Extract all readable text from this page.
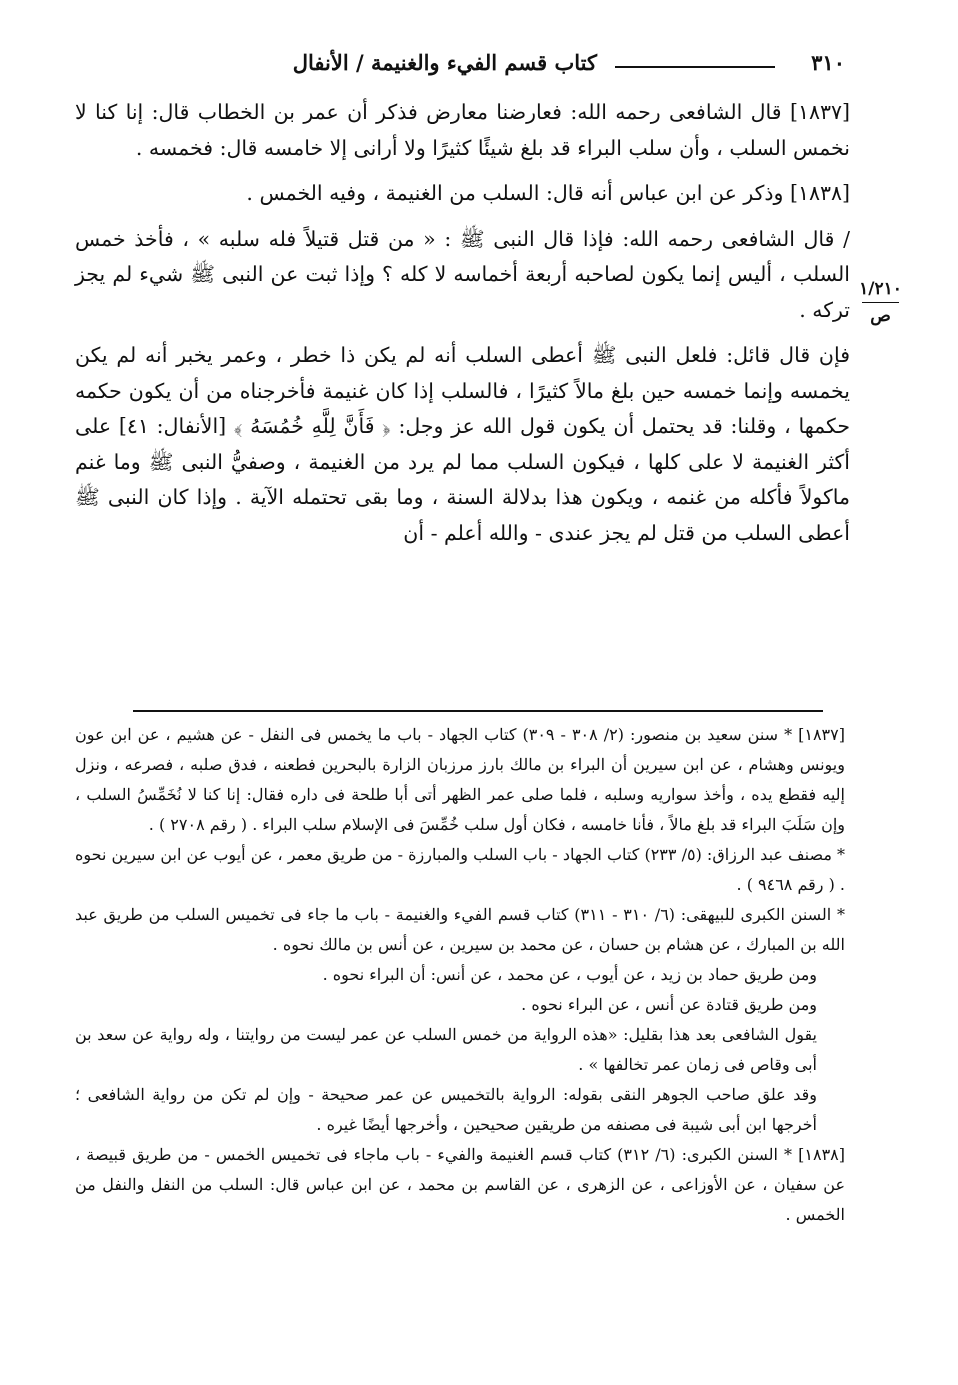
٣١٠
كتاب قسم الفيء والغنيمة / الأنفال
١/٢١٠
ص

[١٨٣٧] قال الشافعى رحمه الله: فعارضنا معارض فذكر أن عمر بن الخطاب قال: إنا كنا لا نخمس السلب ، وأن سلب البراء قد بلغ شيئًا كثيرًا ولا أرانى إلا خامسه قال: فخمسه .

[١٨٣٨] وذكر عن ابن عباس أنه قال: السلب من الغنيمة ، وفيه الخمس .

/ قال الشافعى رحمه الله: فإذا قال النبى ﷺ : « من قتل قتيلاً فله سلبه » ، فأخذ خمس السلب ، أليس إنما يكون لصاحبه أربعة أخماسه لا كله ؟ وإذا ثبت عن النبى ﷺ شيء لم يجز تركه .

فإن قال قائل: فلعل النبى ﷺ أعطى السلب أنه لم يكن ذا خطر ، وعمر يخبر أنه لم يكن يخمسه وإنما خمسه حين بلغ مالاً كثيرًا ، فالسلب إذا كان غنيمة فأخرجناه من أن يكون حكمه حكمها ، وقلنا: قد يحتمل أن يكون قول الله عز وجل: ﴿ فَأَنَّ لِلَّهِ خُمُسَهُ ﴾ [الأنفال: ٤١] على أكثر الغنيمة لا على كلها ، فيكون السلب مما لم يرد من الغنيمة ، وصفيُّ النبى ﷺ وما غنم ماكولاً فأكله من غنمه ، ويكون هذا بدلالة السنة ، وما بقى تحتمله الآية . وإذا كان النبى ﷺ أعطى السلب من قتل لم يجز عندى - والله أعلم - أن

[١٨٣٧] * سنن سعيد بن منصور: (٢/ ٣٠٨ - ٣٠٩) كتاب الجهاد - باب ما يخمس فى النفل - عن هشيم ، عن ابن عون ويونس وهشام ، عن ابن سيرين أن البراء بن مالك بارز مرزبان الزارة بالبحرين فطعنه ، فدق صلبه ، فصرعه ، ونزل إليه فقطع يده ، وأخذ سواريه وسلبه ، فلما صلى عمر الظهر أتى أبا طلحة فى داره فقال: إنا كنا لا نُخَمِّسُ السلب ، وإن سَلَبَ البراء قد بلغ مالاً ، فأنا خامسه ، فكان أول سلب خُمِّسَ فى الإسلام سلب البراء . ( رقم ٢٧٠٨ ) .

* مصنف عبد الرزاق: (٥/ ٢٣٣) كتاب الجهاد - باب السلب والمبارزة - من طريق معمر ، عن أيوب عن ابن سيرين نحوه . ( رقم ٩٤٦٨ ) .

* السنن الكبرى للبيهقى: (٦/ ٣١٠ - ٣١١) كتاب قسم الفيء والغنيمة - باب ما جاء فى تخميس السلب من طريق عبد الله بن المبارك ، عن هشام بن حسان ، عن محمد بن سيرين ، عن أنس بن مالك نحوه .

ومن طريق حماد بن زيد ، عن أيوب ، عن محمد ، عن أنس: أن البراء نحوه .

ومن طريق قتادة عن أنس ، عن البراء نحوه .

يقول الشافعى بعد هذا بقليل: «هذه الرواية من خمس السلب عن عمر ليست من روايتنا ، وله رواية عن سعد بن أبى وقاص فى زمان عمر تخالفها » .

وقد علق صاحب الجوهر النقى بقوله: الرواية بالتخميس عن عمر صحيحة - وإن لم تكن من رواية الشافعى ؛ أخرجها ابن أبى شيبة فى مصنفه من طريقين صحيحين ، وأخرجها أيضًا غيره .

[١٨٣٨] * السنن الكبرى: (٦/ ٣١٢) كتاب قسم الغنيمة والفيء - باب ماجاء فى تخميس الخمس - من طريق قبيصة ، عن سفيان ، عن الأوزاعى ، عن الزهرى ، عن القاسم بن محمد ، عن ابن عباس قال: السلب من النفل والنفل من الخمس .
